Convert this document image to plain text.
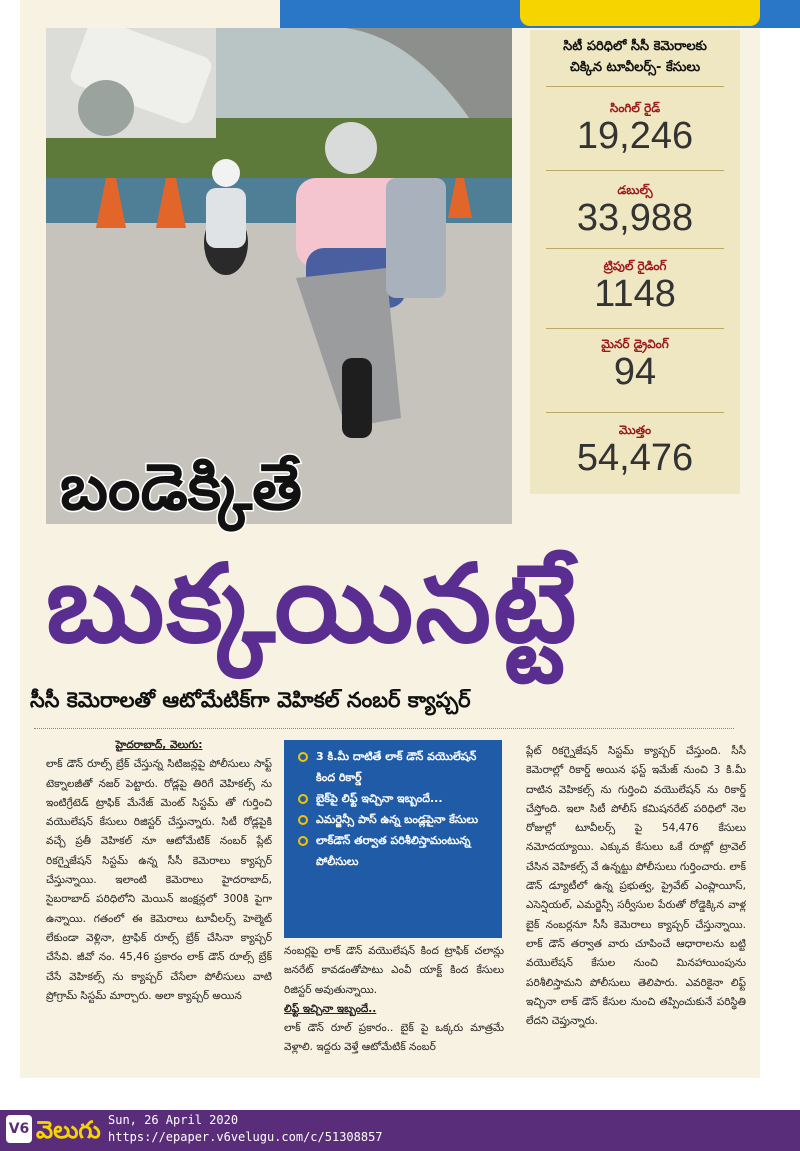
సిటీ పరిధిలో సీసీ కెమెరాలకు
చిక్కిన టూవీలర్స్- కేసులు
సింగిల్ రైడ్
19,246
డబుల్స్
33,988
ట్రిపుల్ రైడింగ్
1148
మైనర్ డ్రైవింగ్
94
మొత్తం
54,476
బండెక్కితే
బుక్కయినట్టే
సీసీ కెమెరాలతో ఆటోమేటిక్‌గా వెహికల్ నంబర్ క్యాప్చర్

హైదరాబాద్, వెలుగు:

లాక్ డౌన్ రూల్స్ బ్రేక్ చేస్తున్న సిటిజన్లపై పోలీసులు సాఫ్ట్ టెక్నాలజీతో నజర్ పెట్టారు. రోడ్లపై తిరిగే వెహికల్స్ ను ఇంటిగ్రేటెడ్ ట్రాఫిక్ మేనేజ్ మెంట్ సిస్టమ్ తో గుర్తించి వయొలేషన్ కేసులు రిజిస్టర్ చేస్తున్నారు. సిటీ రోడ్లపైకి వచ్చే ప్రతీ వెహికల్ నూ ఆటోమేటిక్ నంబర్ ప్లేట్ రికగ్నైజేషన్ సిస్టమ్ ఉన్న సీసీ కెమెరాలు క్యాప్చర్ చేస్తున్నాయి. ఇలాంటి కెమెరాలు హైదరాబాద్, సైబరాబాద్ పరిధిలోని మెయిన్ జంక్షన్లలో 300కి పైగా ఉన్నాయి. గతంలో ఈ కెమెరాలు టూవీలర్స్ హెల్మెట్ లేకుండా వెళ్లినా, ట్రాఫిక్ రూల్స్ బ్రేక్ చేసినా క్యాప్చర్ చేసేవి. జీవో నం. 45,46 ప్రకారం లాక్ డౌన్ రూల్స్ బ్రేక్ చేసే వెహికల్స్ ను క్యాప్చర్ చేసేలా పోలీసులు వాటి ప్రోగ్రామ్ సిస్టమ్ మార్చారు. అలా క్యాప్చర్ అయిన

3 కి.మీ దాటితే లాక్ డౌన్ వయొలేషన్ కింద రికార్డ్
బైక్‌పై లిఫ్ట్ ఇచ్చినా ఇబ్బందే...
ఎమర్జెన్సీ పాస్ ఉన్న బండ్లపైనా కేసులు
లాక్‌డౌన్ తర్వాత పరిశీలిస్తామంటున్న పోలీసులు

నంబర్లపై లాక్ డౌన్ వయొలేషన్ కింద ట్రాఫిక్ చలాన్లు జనరేట్ కావడంతోపాటు ఎంవీ యాక్ట్ కింద కేసులు రిజిస్టర్ అవుతున్నాయి.

లిఫ్ట్ ఇచ్చినా ఇబ్బందే..

లాక్ డౌన్ రూల్ ప్రకారం.. బైక్ పై ఒక్కరు మాత్రమే వెళ్లాలి. ఇద్దరు వెళ్తే ఆటోమేటిక్ నంబర్

ప్లేట్ రికగ్నైజేషన్ సిస్టమ్ క్యాప్చర్ చేస్తుంది. సీసీ కెమెరాల్లో రికార్డ్ అయిన ఫస్ట్ ఇమేజ్ నుంచి 3 కి.మీ దాటిన వెహికల్స్ ను గుర్తించి వయొలేషన్ ను రికార్డ్ చేస్తోంది. ఇలా సిటీ పోలీస్ కమిషనరేట్ పరిధిలో నెల రోజుల్లో టూవీలర్స్ పై 54,476 కేసులు నమోదయ్యాయి. ఎక్కువ కేసులు ఒకే రూట్లో ట్రావెల్ చేసిన వెహికల్స్ వే ఉన్నట్టు పోలీసులు గుర్తించారు. లాక్ డౌన్ డ్యూటీలో ఉన్న ప్రభుత్వ, ప్రైవేట్ ఎంప్లాయీస్, ఎసెన్షియల్, ఎమర్జెన్సీ సర్వీసుల పేరుతో రోడ్డెక్కిన వాళ్ల బైక్ నంబర్లనూ సీసీ కెమెరాలు క్యాప్చర్ చేస్తున్నాయి. లాక్ డౌన్ తర్వాత వారు చూపించే ఆధారాలను బట్టి వయొలేషన్ కేసుల నుంచి మినహాయింపును పరిశీలిస్తామని పోలీసులు తెలిపారు. ఎవరికైనా లిఫ్ట్ ఇచ్చినా లాక్ డౌన్ కేసుల నుంచి తప్పించుకునే పరిస్థితి లేదని చెప్తున్నారు.

V6 వెలుగు Sun, 26 April 2020
https://epaper.v6velugu.com/c/51308857
